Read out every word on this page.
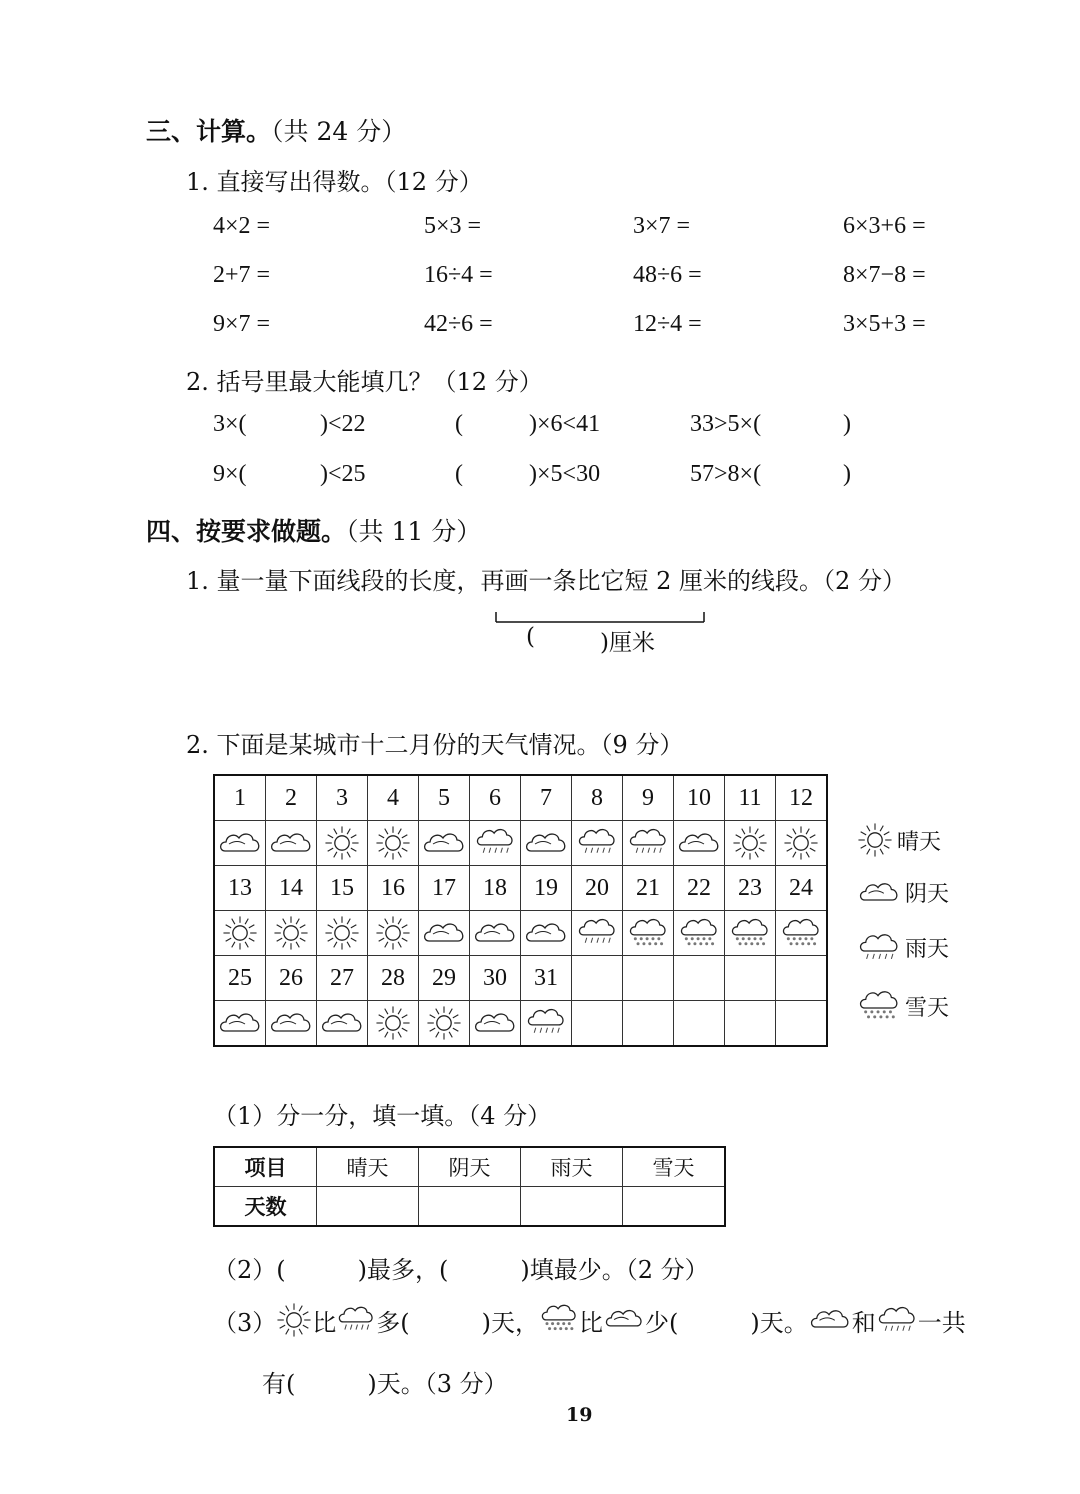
三、计算。（共 24 分）
1. 直接写出得数。（12 分）
4×2 =	5×3 =	3×7 =	6×3+6 =
2+7 =	16÷4 =	48÷6 =	8×7−8 =
9×7 =	42÷6 =	12÷4 =	3×5+3 =
2. 括号里最大能填几？（12 分）
3×(	)<22	(	)×6<41	33>5×(	)
9×(	)<25	(	)×5<30	57>8×(	)
四、按要求做题。（共 11 分）
1. 量一量下面线段的长度，再画一条比它短 2 厘米的线段。（2 分）
(	)厘米
2. 下面是某城市十二月份的天气情况。（9 分）
1	2	3	4	5	6	7	8	9	10	11	12

13	14	15	16	17	18	19	20	21	22	23	24

25	26	27	28	29	30	31					

晴天
阴天
雨天
雪天
（1）分一分，填一填。（4 分）
项目	晴天	阴天	雨天	雪天
天数				
（2）(　　　)最多，(　　　)填最少。（2 分）
（3） 比 多(　　　)天， 比 少(　　　)天。 和 一共
有(　　　)天。（3 分）
19
